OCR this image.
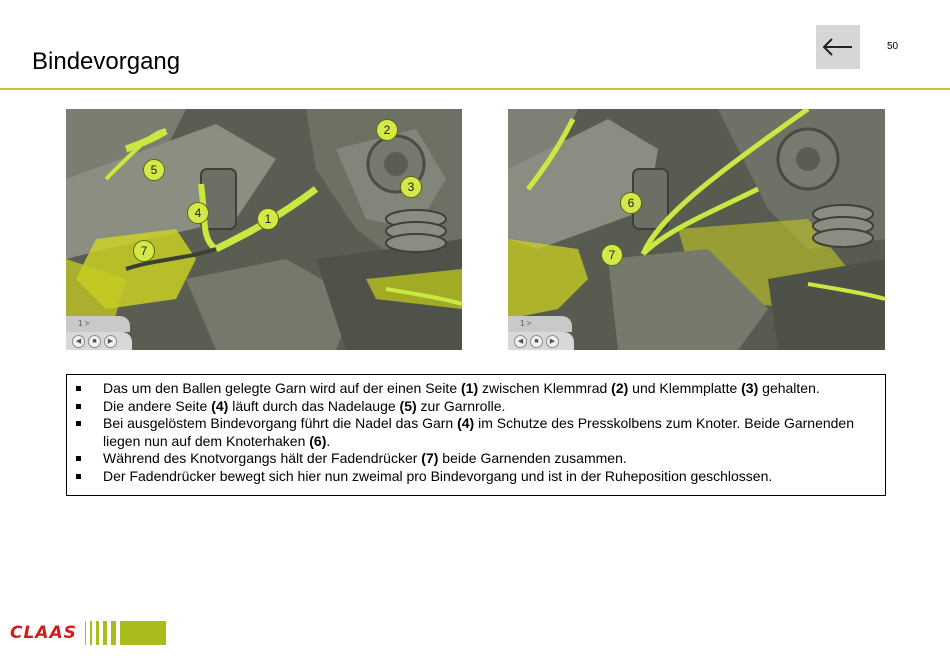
Bindevorgang
50
2
5
3
4	1
7
1 >
◀	■	▶
6
7
1 >
◀	■	▶
Das um den Ballen gelegte Garn wird auf der einen Seite (1) zwischen Klemmrad (2) und Klemmplatte (3) gehalten.
Die andere Seite (4) läuft durch das Nadelauge (5) zur Garnrolle.
Bei ausgelöstem Bindevorgang führt die Nadel das Garn (4) im Schutze des Presskolbens zum Knoter. Beide Garnenden liegen nun auf dem Knoterhaken (6).
Während des Knotvorgangs hält der Fadendrücker (7) beide Garnenden zusammen.
Der Fadendrücker bewegt sich hier nun zweimal pro Bindevorgang und ist in der Ruheposition geschlossen.
CLAAS
